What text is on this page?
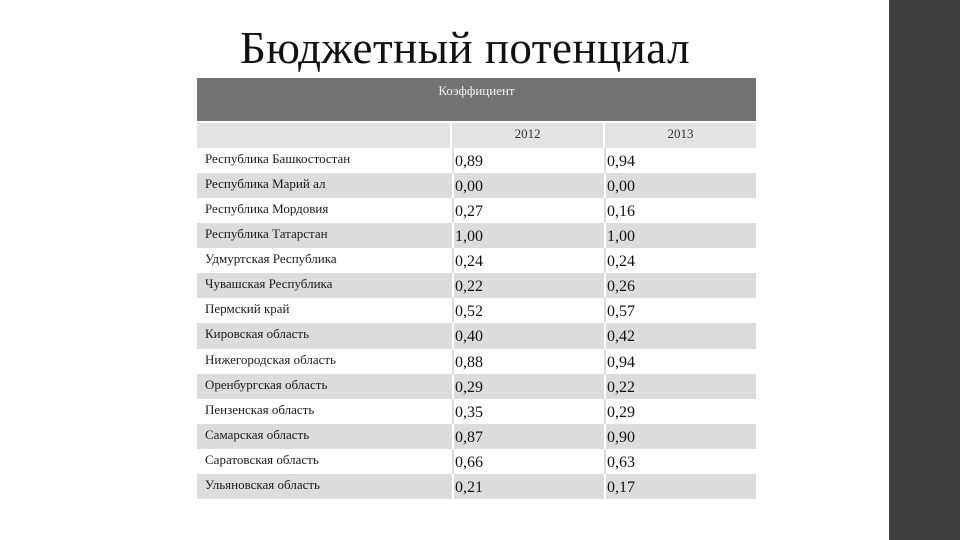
Бюджетный потенциал
Коэффициент
2012	2013
Республика Башкостостан	0,89	0,94
Республика Марий ал	0,00	0,00
Республика Мордовия	0,27	0,16
Республика Татарстан	1,00	1,00
Удмуртская Республика	0,24	0,24
Чувашская Республика	0,22	0,26
Пермский край	0,52	0,57
Кировская область	0,40	0,42
Нижегородская область	0,88	0,94
Оренбургская область	0,29	0,22
Пензенская область	0,35	0,29
Самарская область	0,87	0,90
Саратовская область	0,66	0,63
Ульяновская область	0,21	0,17
